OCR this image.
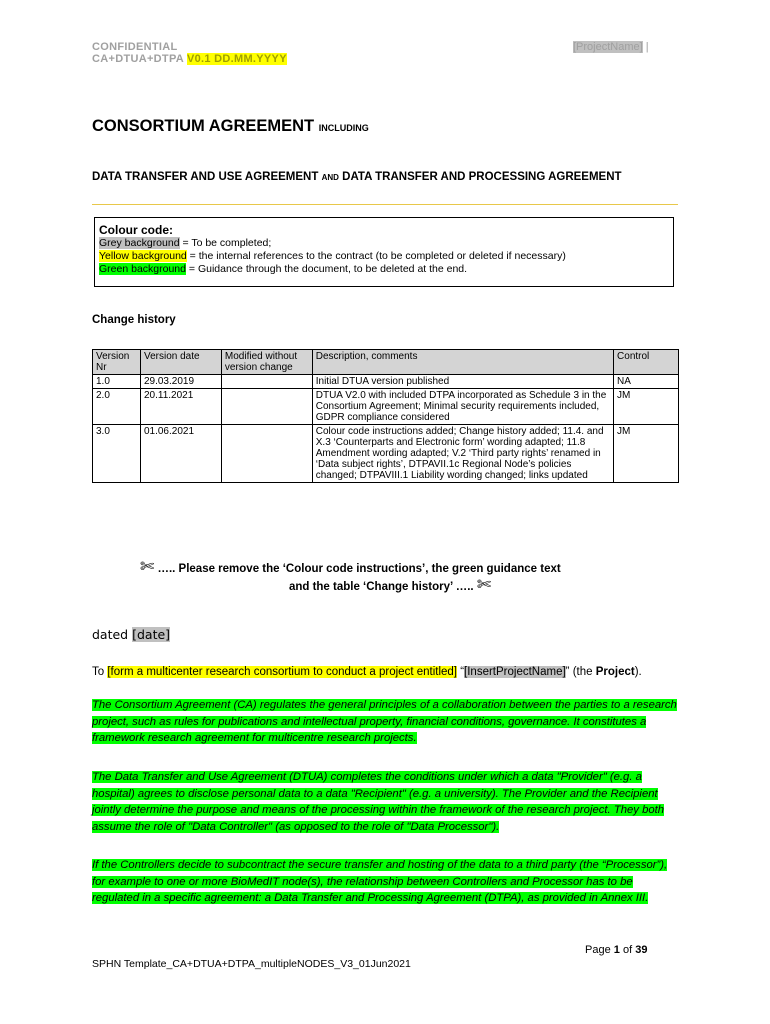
CONFIDENTIAL
CA+DTUA+DTPA V0.1 DD.MM.YYYY
[ProjectName] |
CONSORTIUM AGREEMENT INCLUDING
DATA TRANSFER AND USE AGREEMENT AND DATA TRANSFER AND PROCESSING AGREEMENT
Colour code:
Grey background = To be completed;
Yellow background = the internal references to the contract (to be completed or deleted if necessary)
Green background = Guidance through the document, to be deleted at the end.
Change history
Version Nr	Version date	Modified without version change	Description, comments	Control
1.0	29.03.2019		Initial DTUA version published	NA
2.0	20.11.2021		DTUA V2.0 with included DTPA incorporated as Schedule 3 in the Consortium Agreement; Minimal security requirements included, GDPR compliance considered	JM
3.0	01.06.2021		Colour code instructions added; Change history added; 11.4. and X.3 ‘Counterparts and Electronic form’ wording adapted; 11.8 Amendment wording adapted; V.2 ‘Third party rights’ renamed in ‘Data subject rights’, DTPAVII.1c Regional Node’s policies changed; DTPAVIII.1 Liability wording changed; links updated	JM
✄ ….. Please remove the ‘Colour code instructions’, the green guidance text
and the table ‘Change history’ ….. ✄
dated [date]
To [form a multicenter research consortium to conduct a project entitled] “[InsertProjectName]” (the Project).
The Consortium Agreement (CA) regulates the general principles of a collaboration between the parties to a research project, such as rules for publications and intellectual property, financial conditions, governance. It constitutes a framework research agreement for multicentre research projects.
The Data Transfer and Use Agreement (DTUA) completes the conditions under which a data "Provider" (e.g. a hospital) agrees to disclose personal data to a data "Recipient" (e.g. a university). The Provider and the Recipient jointly determine the purpose and means of the processing within the framework of the research project. They both assume the role of "Data Controller" (as opposed to the role of "Data Processor").
If the Controllers decide to subcontract the secure transfer and hosting of the data to a third party (the “Processor”), for example to one or more BioMedIT node(s), the relationship between Controllers and Processor has to be regulated in a specific agreement: a Data Transfer and Processing Agreement (DTPA), as provided in Annex III.
Page 1 of 39
SPHN Template_CA+DTUA+DTPA_multipleNODES_V3_01Jun2021
